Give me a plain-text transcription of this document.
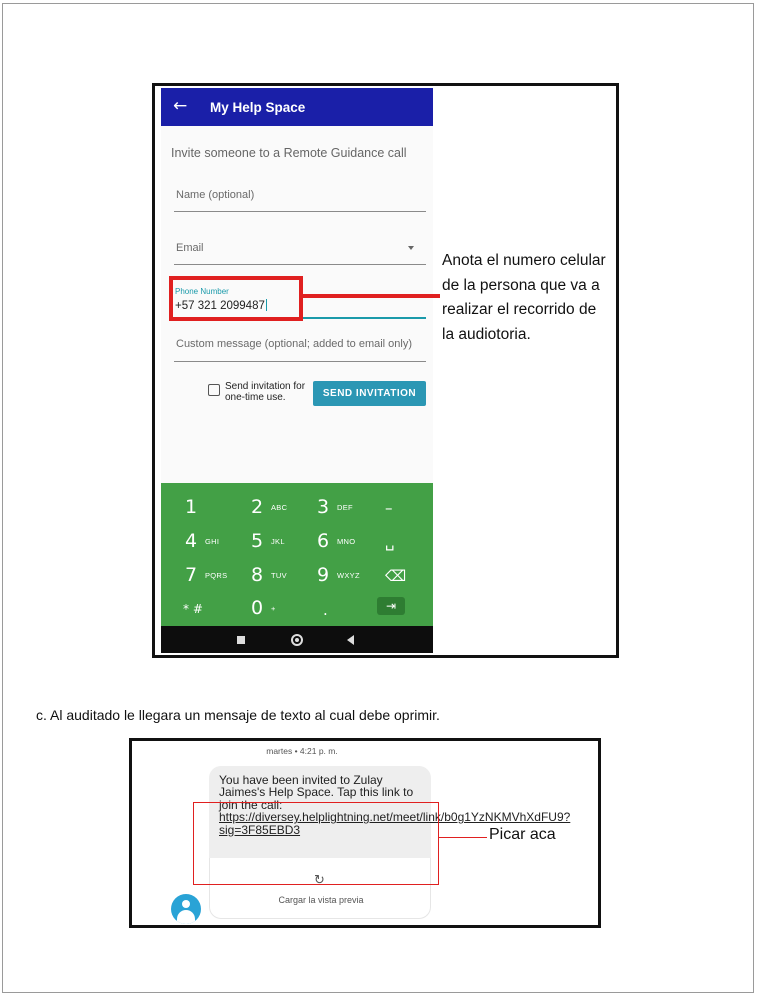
← My Help Space
Invite someone to a Remote Guidance call
Name (optional)
Email
Phone Number
+57 321 2099487
Custom message (optional; added to email only)
Send invitation for one-time use.	SEND INVITATION
1	2 ABC 3 DEF –
4 GHI 5 JKL 6 MNO ␣
7 PQRS 8 TUV 9 WXYZ ⌫
* #	0 +	.	⇥
Anota el numero celular de la persona que va a realizar el recorrido de la audiotoria.
c. Al auditado le llegara un mensaje de texto al cual debe oprimir.
martes • 4:21 p. m.
You have been invited to Zulay Jaimes's Help Space. Tap this link to join the call: https://diversey.helplightning.net/meet/link/b0g1YzNKMVhXdFU9?sig=3F85EBD3
↻
Cargar la vista previa
Picar aca
